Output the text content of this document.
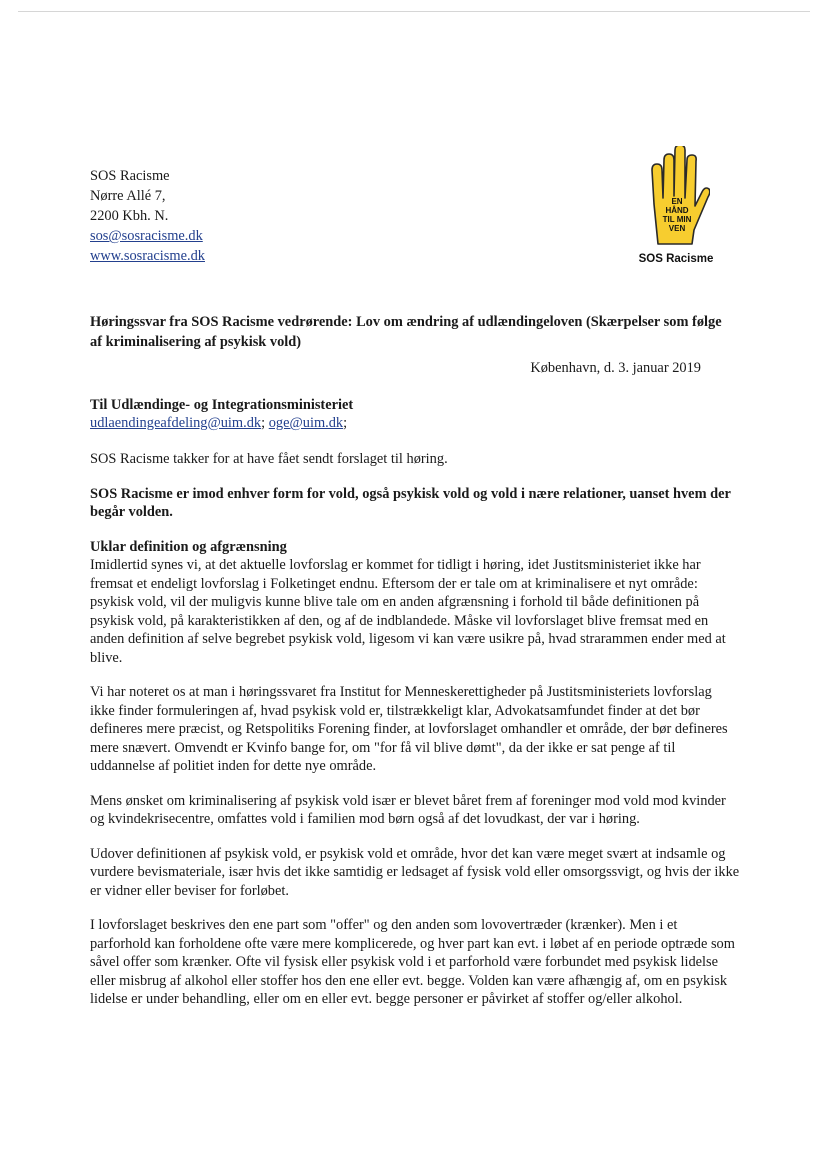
SOS Racisme
Nørre Allé 7,
2200 Kbh. N.
sos@sosracisme.dk
www.sosracisme.dk
EN
HÅND
TIL MIN
VEN
SOS Racisme
Høringssvar fra SOS Racisme vedrørende: Lov om ændring af udlændingeloven (Skærpelser som følge af kriminalisering af psykisk vold)
København, d. 3. januar 2019
Til Udlændinge- og Integrationsministeriet
udlaendingeafdeling@uim.dk; oge@uim.dk;

SOS Racisme takker for at have fået sendt forslaget til høring.

SOS Racisme er imod enhver form for vold, også psykisk vold og vold i nære relationer, uanset hvem der begår volden.

Uklar definition og afgrænsning

Imidlertid synes vi, at det aktuelle lovforslag er kommet for tidligt i høring, idet Justitsministeriet ikke har fremsat et endeligt lovforslag i Folketinget endnu. Eftersom der er tale om at kriminalisere et nyt område: psykisk vold, vil der muligvis kunne blive tale om en anden afgrænsning i forhold til både definitionen på psykisk vold, på karakteristikken af den, og af de indblandede. Måske vil lovforslaget blive fremsat med en anden definition af selve begrebet psykisk vold, ligesom vi kan være usikre på, hvad strarammen ender med at blive.

Vi har noteret os at man i høringssvaret fra Institut for Menneskerettigheder på Justitsministeriets lovforslag ikke finder formuleringen af, hvad psykisk vold er, tilstrækkeligt klar, Advokatsamfundet finder at det bør defineres mere præcist, og Retspolitiks Forening finder, at lovforslaget omhandler et område, der bør defineres mere snævert. Omvendt er Kvinfo bange for, om "for få vil blive dømt", da der ikke er sat penge af til uddannelse af politiet inden for dette nye område.

Mens ønsket om kriminalisering af psykisk vold især er blevet båret frem af foreninger mod vold mod kvinder og kvindekrisecentre, omfattes vold i familien mod børn også af det lovudkast, der var i høring.

Udover definitionen af psykisk vold, er psykisk vold et område, hvor det kan være meget svært at indsamle og vurdere bevismateriale, især hvis det ikke samtidig er ledsaget af fysisk vold eller omsorgssvigt, og hvis der ikke er vidner eller beviser for forløbet.

I lovforslaget beskrives den ene part som "offer" og den anden som lovovertræder (krænker). Men i et parforhold kan forholdene ofte være mere komplicerede, og hver part kan evt. i løbet af en periode optræde som såvel offer som krænker. Ofte vil fysisk eller psykisk vold i et parforhold være forbundet med psykisk lidelse eller misbrug af alkohol eller stoffer hos den ene eller evt. begge. Volden kan være afhængig af, om en psykisk lidelse er under behandling, eller om en eller evt. begge personer er påvirket af stoffer og/eller alkohol.
